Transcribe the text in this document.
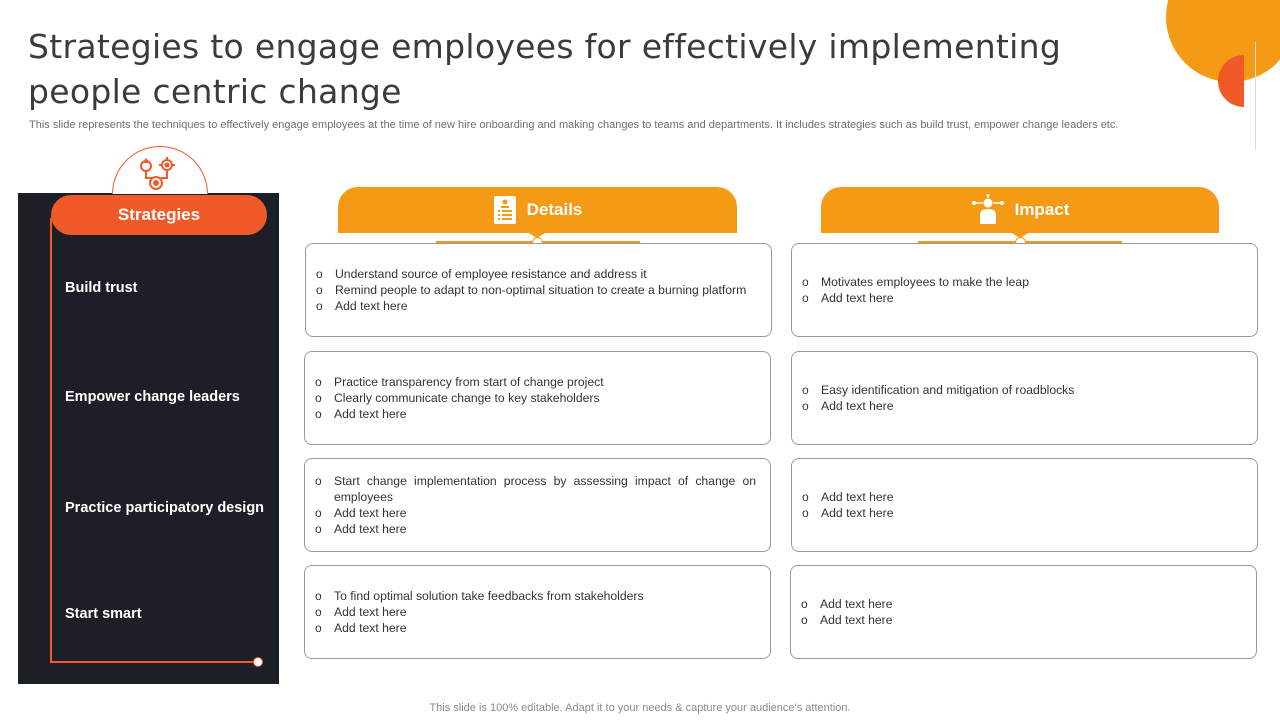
Strategies to engage employees for effectively implementing people centric change
This slide represents the techniques to effectively engage employees at the time of new hire onboarding and making changes to teams and departments. It includes strategies such as build trust, empower change leaders etc.
Strategies
Build trust
Empower change leaders
Practice participatory design
Start smart
Details	Impact
o Understand source of employee resistance and address it
o Remind people to adapt to non-optimal situation to create a burning platform
o Add text here
o Practice transparency from start of change project
o Clearly communicate change to key stakeholders
o Add text here
o Start change implementation process by assessing impact of change on employees
o Add text here
o Add text here
o To find optimal solution take feedbacks from stakeholders
o Add text here
o Add text here
o Motivates employees to make the leap
o Add text here
o Easy identification and mitigation of roadblocks
o Add text here
o Add text here
o Add text here
o Add text here
o Add text here
This slide is 100% editable. Adapt it to your needs & capture your audience’s attention.
